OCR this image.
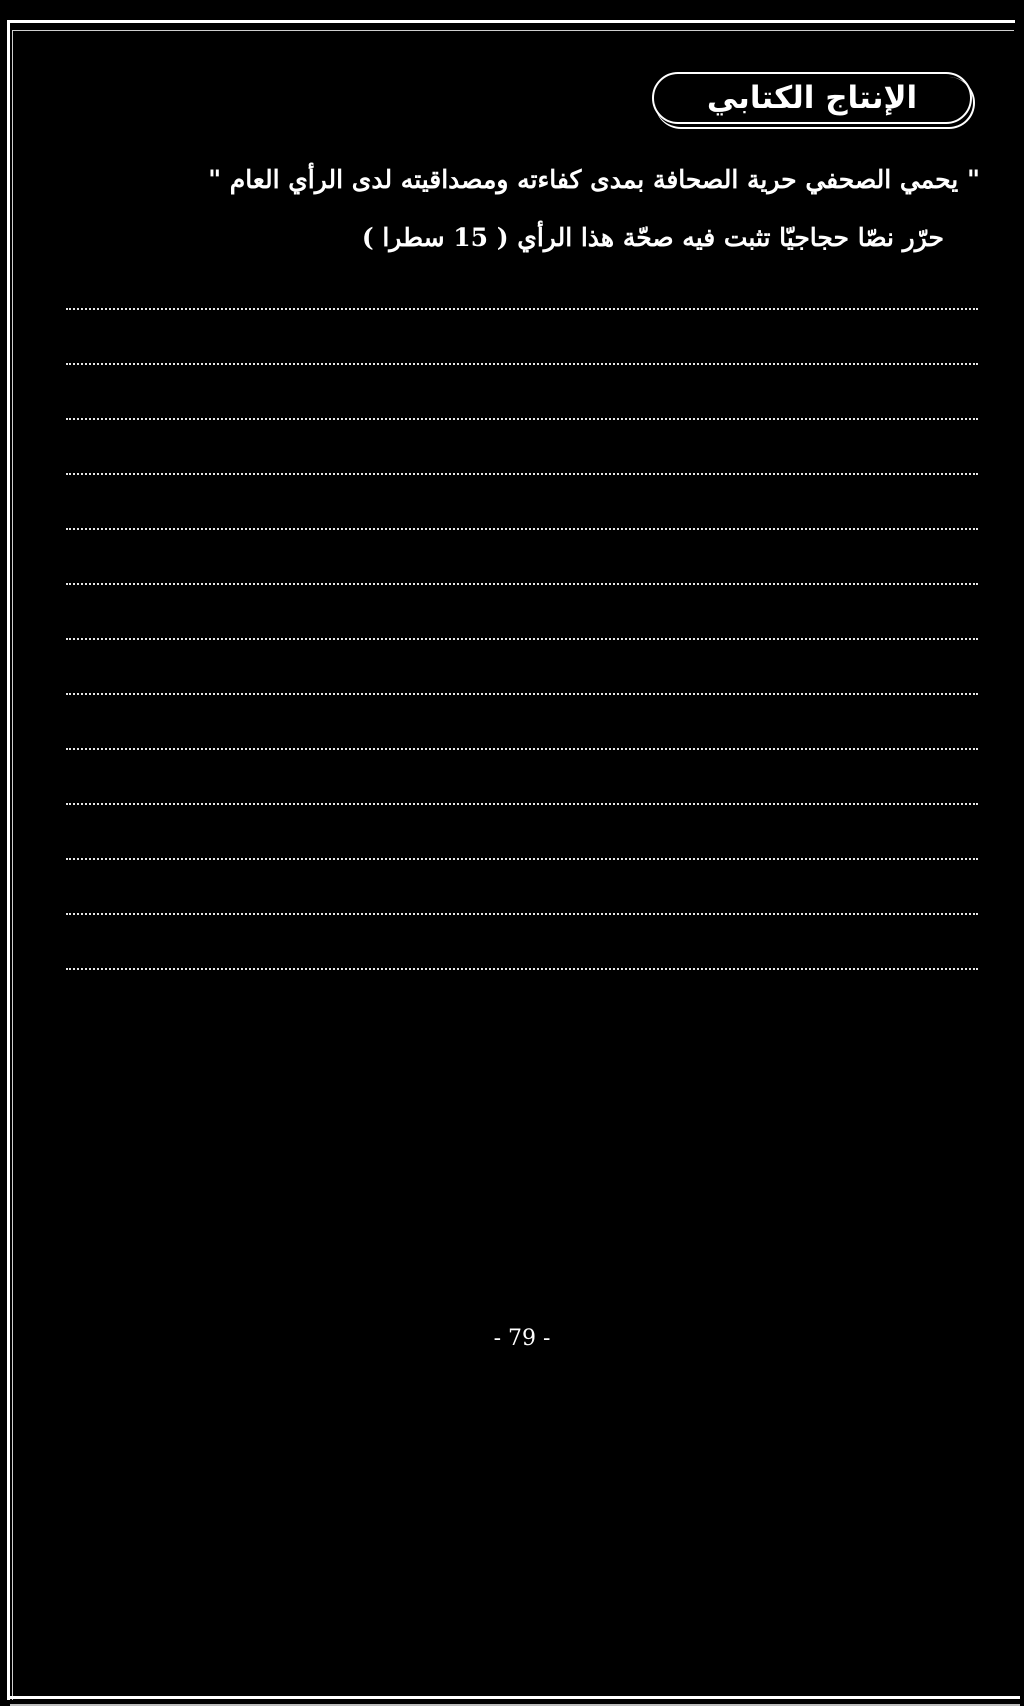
الإنتاج الكتابي
" يحمي الصحفي حرية الصحافة بمدى كفاءته ومصداقيته لدى الرأي العام "
حرّر نصّا حجاجيّا تثبت فيه صحّة هذا الرأي ( 15 سطرا )
- 79 -
